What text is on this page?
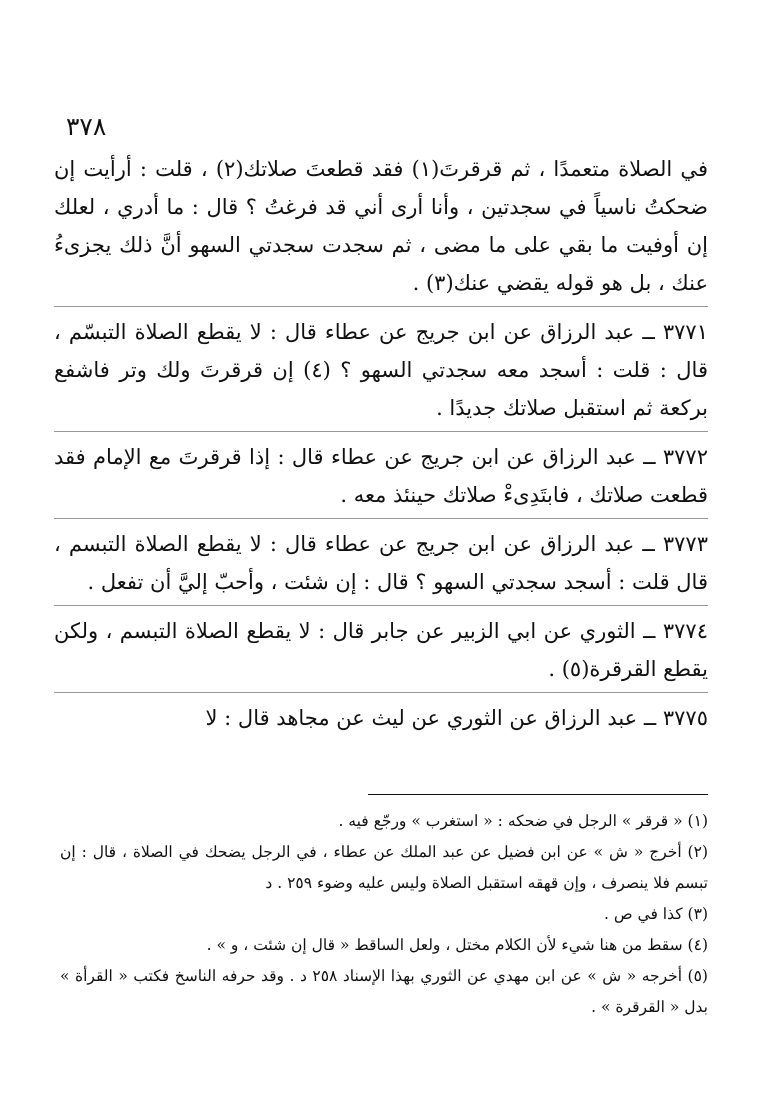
٣٧٨

في الصلاة متعمدًا ، ثم قرقرتَ(١) فقد قطعتَ صلاتك(٢) ، قلت : أرأيت إن ضحكتُ ناسياً في سجدتين ، وأنا أرى أني قد فرغتُ ؟ قال : ما أدري ، لعلك إن أوفيت ما بقي على ما مضى ، ثم سجدت سجدتي السهو أنَّ ذلك يجزىءُ عنك ، بل هو قوله يقضي عنك(٣) .

٣٧٧١ ــ عبد الرزاق عن ابن جريج عن عطاء قال : لا يقطع الصلاة التبسّم ، قال : قلت : أسجد معه سجدتي السهو ؟ (٤) إن قرقرتَ ولك وتر فاشفع بركعة ثم استقبل صلاتك جديدًا .

٣٧٧٢ ــ عبد الرزاق عن ابن جريج عن عطاء قال : إذا قرقرتَ مع الإمام فقد قطعت صلاتك ، فابتَدِىءْ صلاتك حينئذ معه .

٣٧٧٣ ــ عبد الرزاق عن ابن جريج عن عطاء قال : لا يقطع الصلاة التبسم ، قال قلت : أسجد سجدتي السهو ؟ قال : إن شئت ، وأحبّ إليَّ أن تفعل .

٣٧٧٤ ــ الثوري عن ابي الزبير عن جابر قال : لا يقطع الصلاة التبسم ، ولكن يقطع القرقرة(٥) .

٣٧٧٥ ــ عبد الرزاق عن الثوري عن ليث عن مجاهد قال : لا

(١) « قرقر » الرجل في ضحكه : « استغرب » ورجّع فيه .

(٢) أخرج « ش » عن ابن فضيل عن عبد الملك عن عطاء ، في الرجل يضحك في الصلاة ، قال : إن تبسم فلا ينصرف ، وإن قهقه استقبل الصلاة وليس عليه وضوء ٢٥٩ . د

(٣) كذا في ص .

(٤) سقط من هنا شيء لأن الكلام مختل ، ولعل الساقط « قال إن شئت ، و » .

(٥) أخرجه « ش » عن ابن مهدي عن الثوري بهذا الإسناد ٢٥٨ د . وقد حرفه الناسخ فكتب « القرأة » بدل « القرقرة » .
